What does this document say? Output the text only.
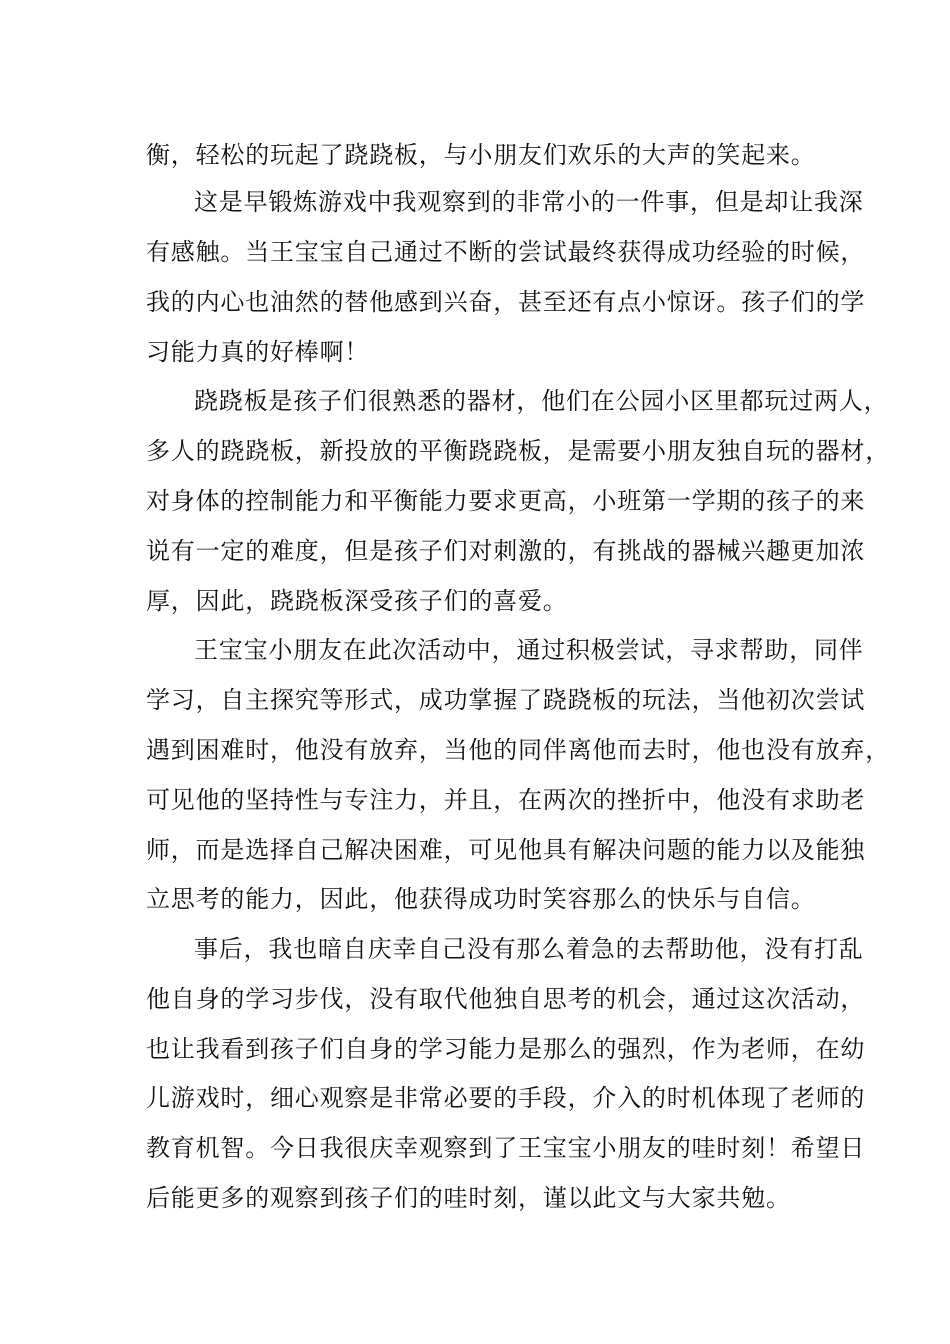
衡，轻松的玩起了跷跷板，与小朋友们欢乐的大声的笑起来。
这是早锻炼游戏中我观察到的非常小的一件事，但是却让我深
有感触。当王宝宝自己通过不断的尝试最终获得成功经验的时候，
我的内心也油然的替他感到兴奋，甚至还有点小惊讶。孩子们的学
习能力真的好棒啊！
跷跷板是孩子们很熟悉的器材，他们在公园小区里都玩过两人，
多人的跷跷板，新投放的平衡跷跷板，是需要小朋友独自玩的器材，
对身体的控制能力和平衡能力要求更高，小班第一学期的孩子的来
说有一定的难度，但是孩子们对刺激的，有挑战的器械兴趣更加浓
厚，因此，跷跷板深受孩子们的喜爱。
王宝宝小朋友在此次活动中，通过积极尝试，寻求帮助，同伴
学习，自主探究等形式，成功掌握了跷跷板的玩法，当他初次尝试
遇到困难时，他没有放弃，当他的同伴离他而去时，他也没有放弃，
可见他的坚持性与专注力，并且，在两次的挫折中，他没有求助老
师，而是选择自己解决困难，可见他具有解决问题的能力以及能独
立思考的能力，因此，他获得成功时笑容那么的快乐与自信。
事后，我也暗自庆幸自己没有那么着急的去帮助他，没有打乱
他自身的学习步伐，没有取代他独自思考的机会，通过这次活动，
也让我看到孩子们自身的学习能力是那么的强烈，作为老师，在幼
儿游戏时，细心观察是非常必要的手段，介入的时机体现了老师的
教育机智。今日我很庆幸观察到了王宝宝小朋友的哇时刻！希望日
后能更多的观察到孩子们的哇时刻，谨以此文与大家共勉。
